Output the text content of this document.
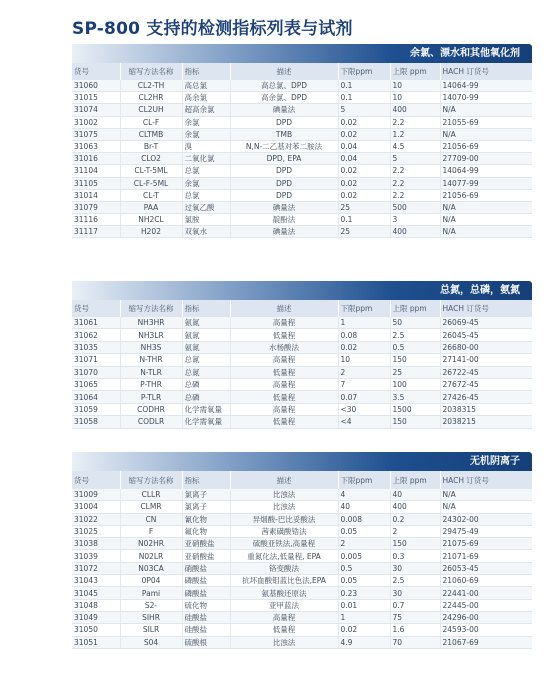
SP-800 支持的检测指标列表与试剂
余氯、漂水和其他氧化剂
货号	缩写方法名称	指标	描述	下限ppm	上限 ppm	HACH 订货号
31060	CL2-TH	高总氯	高总氯、DPD	0.1	10	14064-99
31015	CL2HR	高余氯	高余氯、DPD	0.1	10	14070-99
31074	CL2UH	超高余氯	碘量法	5	400	N/A
31002	CL-F	余氯	DPD	0.02	2.2	21055-69
31075	CLTMB	余氯	TMB	0.02	1.2	N/A
31063	Br-T	溴	N,N-二乙基对苯二胺法	0.04	4.5	21056-69
31016	CLO2	二氧化氯	DPD, EPA	0.04	5	27709-00
31104	CL-T-5ML	总氯	DPD	0.02	2.2	14064-99
31105	CL-F-5ML	余氯	DPD	0.02	2.2	14077-99
31014	CL-T	总氯	DPD	0.02	2.2	21056-69
31079	PAA	过氧乙酸	碘量法	25	500	N/A
31116	NH2CL	氯胺	靛酚法	0.1	3	N/A
31117	H202	双氧水	碘量法	25	400	N/A
总氮，总磷，氨氮
货号	缩写方法名称	指标	描述	下限ppm	上限 ppm	HACH 订货号
31061	NH3HR	氨氮	高量程	1	50	26069-45
31062	NH3LR	氨氮	低量程	0.08	2.5	26045-45
31035	NH3S	氨氮	水杨酸法	0.02	0.5	26680-00
31071	N-THR	总氮	高量程	10	150	27141-00
31070	N-TLR	总氮	低量程	2	25	26722-45
31065	P-THR	总磷	高量程	7	100	27672-45
31064	P-TLR	总磷	低量程	0.07	3.5	27426-45
31059	CODHR	化学需氧量	高量程	<30	1500	2038315
31058	CODLR	化学需氧量	低量程	<4	150	2038215
无机阴离子
货号	缩写方法名称	指标	描述	下限ppm	上限 ppm	HACH 订货号
31009	CLLR	氯离子	比浊法	4	40	N/A
31004	CLMR	氯离子	比浊法	40	400	N/A
31022	CN	氰化物	异烟酸-巴比妥酸法	0.008	0.2	24302-00
31025	F	氟化物	茜素磺酸锆法	0.05	2	29475-49
31038	N02HR	亚硝酸盐	硫酸亚铁法,高量程	2	150	21075-69
31039	N02LR	亚硝酸盐	重氮化法,低量程, EPA	0.005	0.3	21071-69
31072	N03CA	硝酸盐	铬变酸法	0.5	30	26053-45
31043	0P04	磷酸盐	抗坏血酸钼蓝比色法,EPA	0.05	2.5	21060-69
31045	Pami	磷酸盐	氨基酸还原法	0.23	30	22441-00
31048	S2-	硫化物	亚甲蓝法	0.01	0.7	22445-00
31049	SIHR	硅酸盐	高量程	1	75	24296-00
31050	SILR	硅酸盐	低量程	0.02	1.6	24593-00
31051	S04	硫酸根	比浊法	4.9	70	21067-69
